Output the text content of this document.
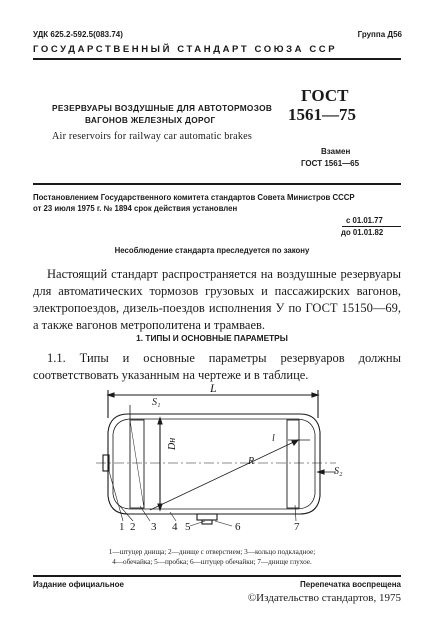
УДК 625.2-592.5(083.74)	Группа Д56
ГОСУДАРСТВЕННЫЙ СТАНДАРТ СОЮЗА ССР
РЕЗЕРВУАРЫ ВОЗДУШНЫЕ ДЛЯ АВТОТОРМОЗОВ
ВАГОНОВ ЖЕЛЕЗНЫХ ДОРОГ
Air reservoirs for railway car automatic brakes
ГОСТ
1561—75
Взамен
ГОСТ 1561—65
Постановлением Государственного комитета стандартов Совета Министров СССР
от 23 июля 1975 г. № 1894 срок действия установлен
с 01.01.77
до 01.01.82
Несоблюдение стандарта преследуется по закону
Настоящий стандарт распространяется на воздушные резервуары для автоматических тормозов грузовых и пассажирских вагонов, электропоездов, дизель-поездов исполнения У по ГОСТ 15150—69, а также вагонов метрополитена и трамваев.
1. ТИПЫ И ОСНОВНЫЕ ПАРАМЕТРЫ
1.1. Типы и основные параметры резервуаров должны соответствовать указанным на чертеже и в таблице.
L
S₁
Dн	l
R
S₂
1 2 3 4 5	6	7
1—штуцер днища; 2—днище с отверстием; 3—кольцо подкладное;
4—обечайка; 5—пробка; 6—штуцер обечайки; 7—днище глухое.
Издание официальное	Перепечатка воспрещена
©Издательство стандартов, 1975
